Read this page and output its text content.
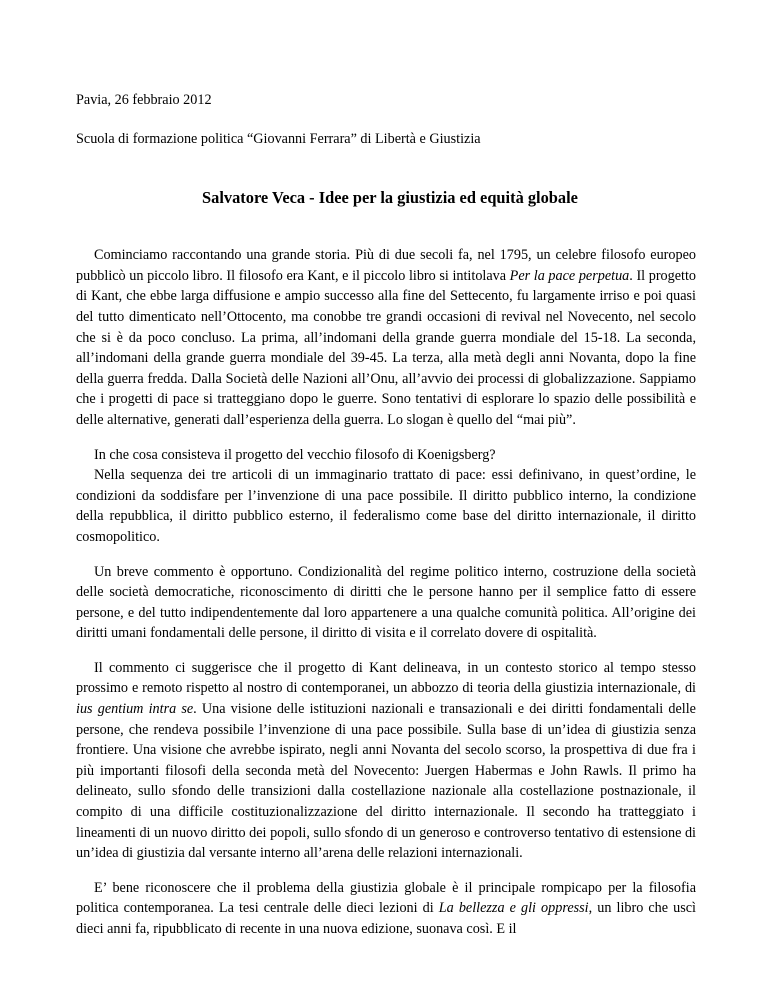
Pavia, 26 febbraio 2012

Scuola di formazione politica “Giovanni Ferrara” di Libertà e Giustizia

Salvatore Veca - Idee per la giustizia ed equità globale

Cominciamo raccontando una grande storia. Più di due secoli fa, nel 1795, un celebre filosofo europeo pubblicò un piccolo libro. Il filosofo era Kant, e il piccolo libro si intitolava Per la pace perpetua. Il progetto di Kant, che ebbe larga diffusione e ampio successo alla fine del Settecento, fu largamente irriso e poi quasi del tutto dimenticato nell’Ottocento, ma conobbe tre grandi occasioni di revival nel Novecento, nel secolo che si è da poco concluso. La prima, all’indomani della grande guerra mondiale del 15-18. La seconda, all’indomani della grande guerra mondiale del 39-45. La terza, alla metà degli anni Novanta, dopo la fine della guerra fredda. Dalla Società delle Nazioni all’Onu, all’avvio dei processi di globalizzazione. Sappiamo che i progetti di pace si tratteggiano dopo le guerre. Sono tentativi di esplorare lo spazio delle possibilità e delle alternative, generati dall’esperienza della guerra. Lo slogan è quello del “mai più”.

In che cosa consisteva il progetto del vecchio filosofo di Koenigsberg?

Nella sequenza dei tre articoli di un immaginario trattato di pace: essi definivano, in quest’ordine, le condizioni da soddisfare per l’invenzione di una pace possibile. Il diritto pubblico interno, la condizione della repubblica, il diritto pubblico esterno, il federalismo come base del diritto internazionale, il diritto cosmopolitico.

Un breve commento è opportuno. Condizionalità del regime politico interno, costruzione della società delle società democratiche, riconoscimento di diritti che le persone hanno per il semplice fatto di essere persone, e del tutto indipendentemente dal loro appartenere a una qualche comunità politica. All’origine dei diritti umani fondamentali delle persone, il diritto di visita e il correlato dovere di ospitalità.

Il commento ci suggerisce che il progetto di Kant delineava, in un contesto storico al tempo stesso prossimo e remoto rispetto al nostro di contemporanei, un abbozzo di teoria della giustizia internazionale, di ius gentium intra se. Una visione delle istituzioni nazionali e transazionali e dei diritti fondamentali delle persone, che rendeva possibile l’invenzione di una pace possibile. Sulla base di un’idea di giustizia senza frontiere. Una visione che avrebbe ispirato, negli anni Novanta del secolo scorso, la prospettiva di due fra i più importanti filosofi della seconda metà del Novecento: Juergen Habermas e John Rawls. Il primo ha delineato, sullo sfondo delle transizioni dalla costellazione nazionale alla costellazione postnazionale, il compito di una difficile costituzionalizzazione del diritto internazionale. Il secondo ha tratteggiato i lineamenti di un nuovo diritto dei popoli, sullo sfondo di un generoso e controverso tentativo di estensione di un’idea di giustizia dal versante interno all’arena delle relazioni internazionali.

E’ bene riconoscere che il problema della giustizia globale è il principale rompicapo per la filosofia politica contemporanea. La tesi centrale delle dieci lezioni di La bellezza e gli oppressi, un libro che uscì dieci anni fa, ripubblicato di recente in una nuova edizione, suonava così. E il
